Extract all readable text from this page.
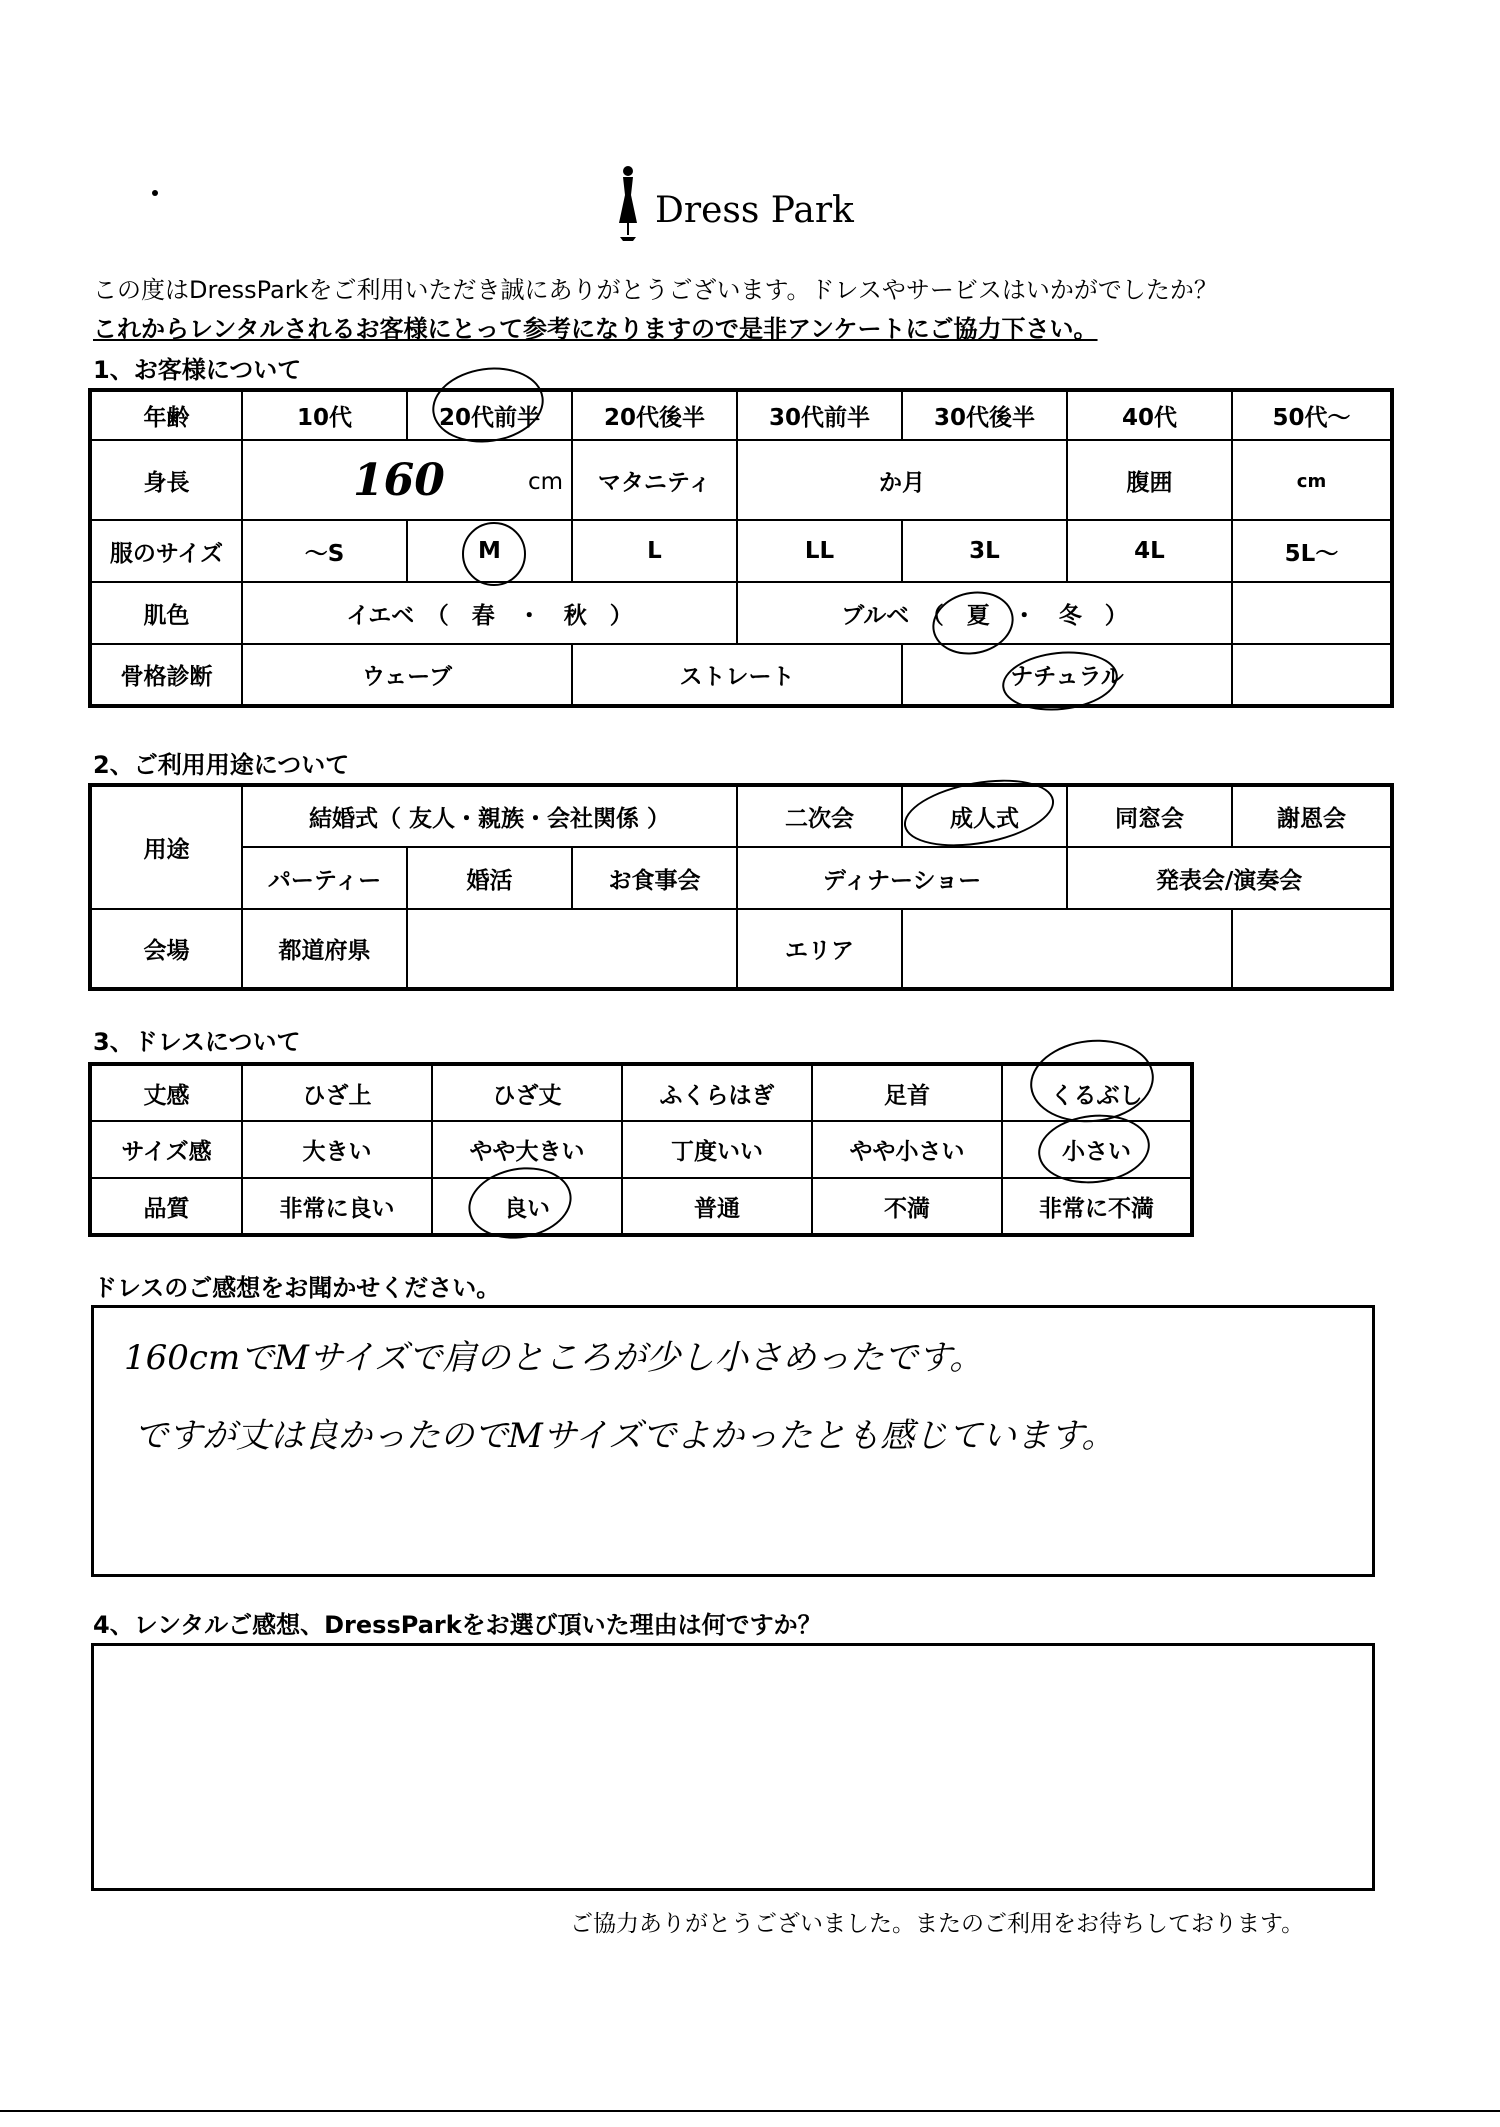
Dress Park
この度はDressParkをご利用いただき誠にありがとうございます。ドレスやサービスはいかがでしたか？
これからレンタルされるお客様にとって参考になりますので是非アンケートにご協力下さい。
1、お客様について
年齢	10代	20代前半	20代後半	30代前半	30代後半	40代	50代～
身長	160 cm		マタニティ	か月		腹囲	cm
服のサイズ	～S	M	L	LL	3L	4L	5L～
肌色	イエベ　（　春　・　秋　）			ブルベ　（　夏　・　冬　）			
骨格診断	ウェーブ		ストレート		ナチュラル		
2、ご利用用途について
用途	結婚式（ 友人・親族・会社関係 ）			二次会	成人式	同窓会	謝恩会
	パーティー	婚活	お食事会	ディナーショー		発表会/演奏会	
会場	都道府県			エリア			
3、ドレスについて
丈感	ひざ上	ひざ丈	ふくらはぎ	足首	くるぶし
サイズ感	大きい	やや大きい	丁度いい	やや小さい	小さい
品質	非常に良い	良い	普通	不満	非常に不満
ドレスのご感想をお聞かせください。
160cmでMサイズで肩のところが少し小さめったです。
ですが丈は良かったのでMサイズでよかったとも感じています。
4、レンタルご感想、DressParkをお選び頂いた理由は何ですか？
ご協力ありがとうございました。またのご利用をお待ちしております。
